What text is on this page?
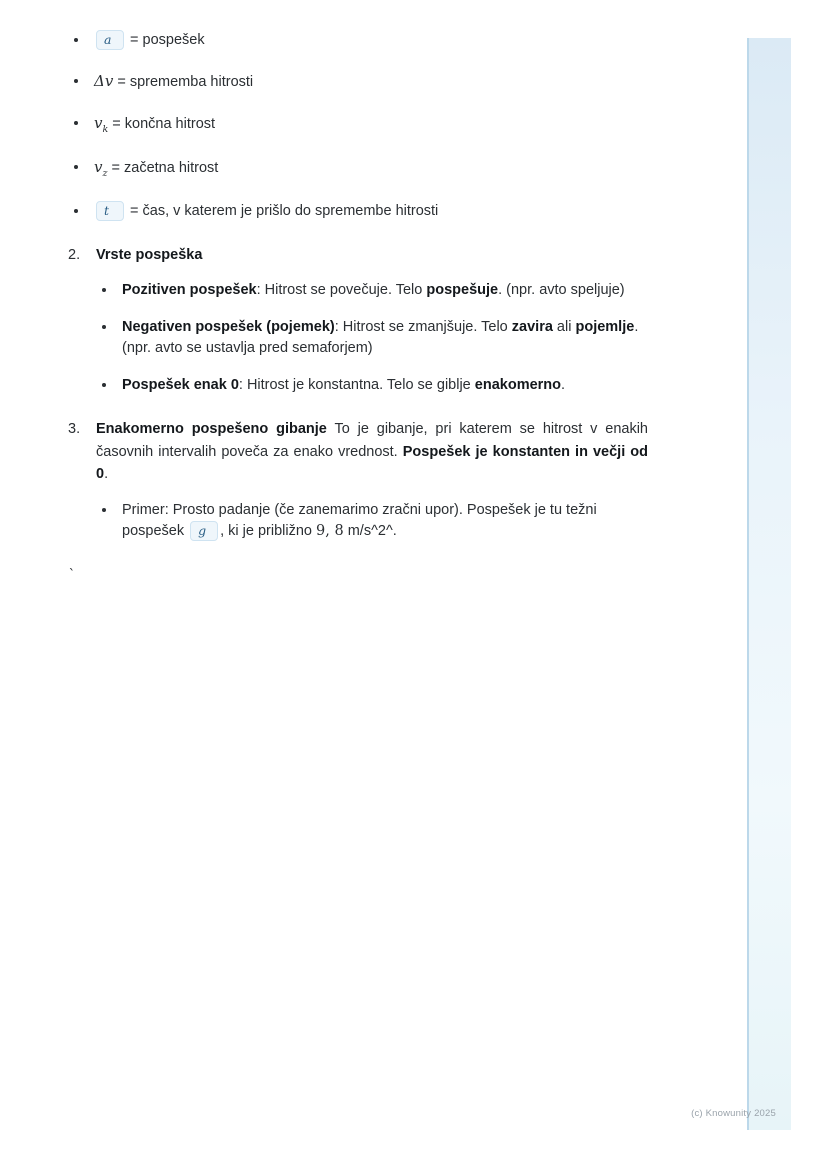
a = pospešek
Δv = sprememba hitrosti
$v_k$ = končna hitrost
$v_z$ = začetna hitrost
t = čas, v katerem je prišlo do spremembe hitrosti
2. Vrste pospeška
Pozitiven pospešek: Hitrost se povečuje. Telo pospešuje. (npr. avto speljuje)
Negativen pospešek (pojemek): Hitrost se zmanjšuje. Telo zavira ali pojemlje. (npr. avto se ustavlja pred semaforjem)
Pospešek enak 0: Hitrost je konstantna. Telo se giblje enakomerno.
3. Enakomerno pospešeno gibanje To je gibanje, pri katerem se hitrost v enakih časovnih intervalih poveča za enako vrednost. Pospešek je konstanten in večji od 0.
Primer: Prosto padanje (če zanemarimo zračni upor). Pospešek je tu težni pospešek g , ki je približno 9, 8 m/s^2^.
`
(c) Knowunity 2025
